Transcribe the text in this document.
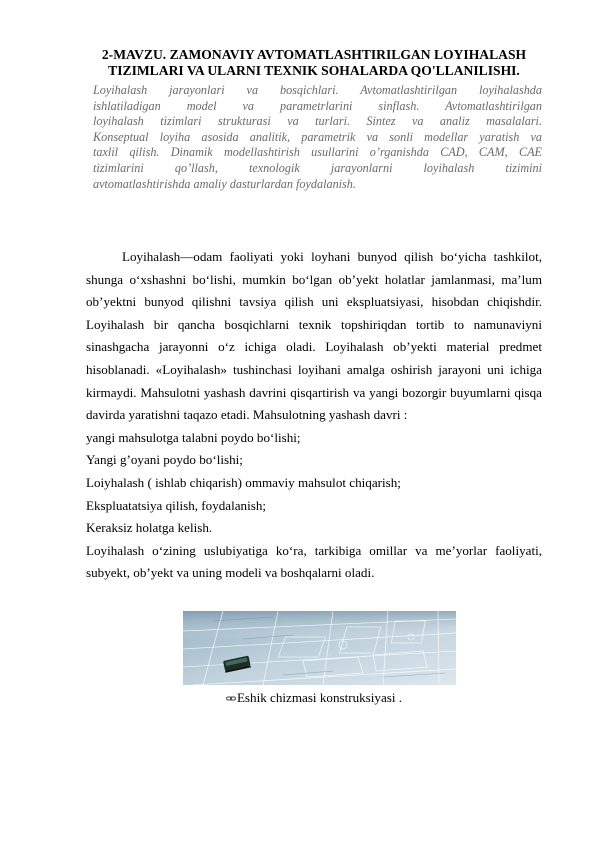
2-MAVZU. ZAMONAVIY AVTOMATLASHTIRILGAN LOYIHALASH
TIZIMLARI VA ULARNI TEXNIK SOHALARDA QO'LLANILISHI.
Loyihalash jarayonlari va bosqichlari. Avtomatlashtirilgan loyihalashda
ishlatiladigan model va parametrlarini sinflash. Avtomatlashtirilgan
loyihalash tizimlari strukturasi va turlari. Sintez va analiz masalalari.
Konseptual loyiha asosida analitik, parametrik va sonli modellar yaratish va
taxlil qilish. Dinamik modellashtirish usullarini o’rganishda CAD, CAM, CAE
tizimlarini qo’llash, texnologik jarayonlarni loyihalash tizimini
avtomatlashtirishda amaliy dasturlardan foydalanish.

Loyihalash—odam faoliyati yoki loyhani bunyod qilish bo‘yicha tashkilot, shunga o‘xshashni bo‘lishi, mumkin bo‘lgan ob’yekt holatlar jamlanmasi, ma’lum ob’yektni bunyod qilishni tavsiya qilish uni ekspluatsiyasi, hisobdan chiqishdir. Loyihalash bir qancha bosqichlarni texnik topshiriqdan tortib to namunaviyni sinashgacha jarayonni o‘z ichiga oladi. Loyihalash ob’yekti material predmet hisoblanadi. «Loyihalash» tushinchasi loyihani amalga oshirish jarayoni uni ichiga kirmaydi. Mahsulotni yashash davrini qisqartirish va yangi bozorgir buyumlarni qisqa davirda yaratishni taqazo etadi. Mahsulotning yashash davri :

yangi mahsulotga talabni poydo bo‘lishi;

Yangi g’oyani poydo bo‘lishi;

Loiyhalash ( ishlab chiqarish) ommaviy mahsulot chiqarish;

Ekspluatatsiya qilish, foydalanish;

Keraksiz holatga kelish.

Loyihalash o‘zining uslubiyatiga ko‘ra, tarkibiga omillar va me’yorlar faoliyati, subyekt, ob’yekt va uning modeli va boshqalarni oladi.

Eshik chizmasi konstruksiyasi .
